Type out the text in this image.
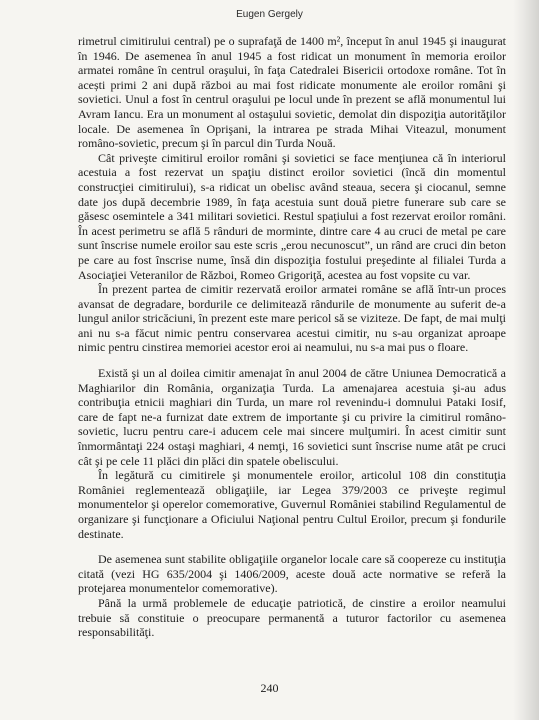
Eugen Gergely

rimetrul cimitirului central) pe o suprafaţă de 1400 m², început în anul 1945 şi inaugurat în 1946. De asemenea în anul 1945 a fost ridicat un monument în memoria eroilor armatei române în centrul oraşului, în faţa Catedralei Bisericii ortodoxe române. Tot în acești primi 2 ani după război au mai fost ridicate monumente ale eroilor români şi sovietici. Unul a fost în centrul oraşului pe locul unde în prezent se află monumentul lui Avram Iancu. Era un monument al ostaşului sovietic, demolat din dispoziţia autorităţilor locale. De asemenea în Oprişani, la intrarea pe strada Mihai Viteazul, monument româno-sovietic, precum şi în parcul din Turda Nouă.

Cât priveşte cimitirul eroilor români şi sovietici se face menţiunea că în interiorul acestuia a fost rezervat un spaţiu distinct eroilor sovietici (încă din momentul construcţiei cimitirului), s-a ridicat un obelisc având steaua, secera şi ciocanul, semne date jos după decembrie 1989, în faţa acestuia sunt două pietre funerare sub care se găsesc osemintele a 341 militari sovietici. Restul spaţiului a fost rezervat eroilor români. În acest perimetru se află 5 rânduri de morminte, dintre care 4 au cruci de metal pe care sunt înscrise numele eroilor sau este scris „erou necunoscut”, un rând are cruci din beton pe care au fost înscrise nume, însă din dispoziţia fostului preşedinte al filialei Turda a Asociaţiei Veteranilor de Război, Romeo Grigoriţă, acestea au fost vopsite cu var.

În prezent partea de cimitir rezervată eroilor armatei române se află într-un proces avansat de degradare, bordurile ce delimitează rândurile de monumente au suferit de-a lungul anilor stricăciuni, în prezent este mare pericol să se viziteze. De fapt, de mai mulţi ani nu s-a făcut nimic pentru conservarea acestui cimitir, nu s-au organizat aproape nimic pentru cinstirea memoriei acestor eroi ai neamului, nu s-a mai pus o floare.

Există şi un al doilea cimitir amenajat în anul 2004 de către Uniunea Democratică a Maghiarilor din România, organizaţia Turda. La amenajarea acestuia şi-au adus contribuţia etnicii maghiari din Turda, un mare rol revenindu-i domnului Pataki Iosif, care de fapt ne-a furnizat date extrem de importante şi cu privire la cimitirul româno-sovietic, lucru pentru care-i aducem cele mai sincere mulţumiri. În acest cimitir sunt înmormântaţi 224 ostaşi maghiari, 4 nemţi, 16 sovietici sunt înscrise nume atât pe cruci cât şi pe cele 11 plăci din plăci din spatele obeliscului.

În legătură cu cimitirele şi monumentele eroilor, articolul 108 din constituţia României reglementează obligaţiile, iar Legea 379/2003 ce priveşte regimul monumentelor şi operelor comemorative, Guvernul României stabilind Regulamentul de organizare şi funcţionare a Oficiului Naţional pentru Cultul Eroilor, precum şi fondurile destinate.

De asemenea sunt stabilite obligaţiile organelor locale care să coopereze cu instituţia citată (vezi HG 635/2004 şi 1406/2009, aceste două acte normative se referă la protejarea monumentelor comemorative).

Până la urmă problemele de educaţie patriotică, de cinstire a eroilor neamului trebuie să constituie o preocupare permanentă a tuturor factorilor cu asemenea responsabilităţi.

240
